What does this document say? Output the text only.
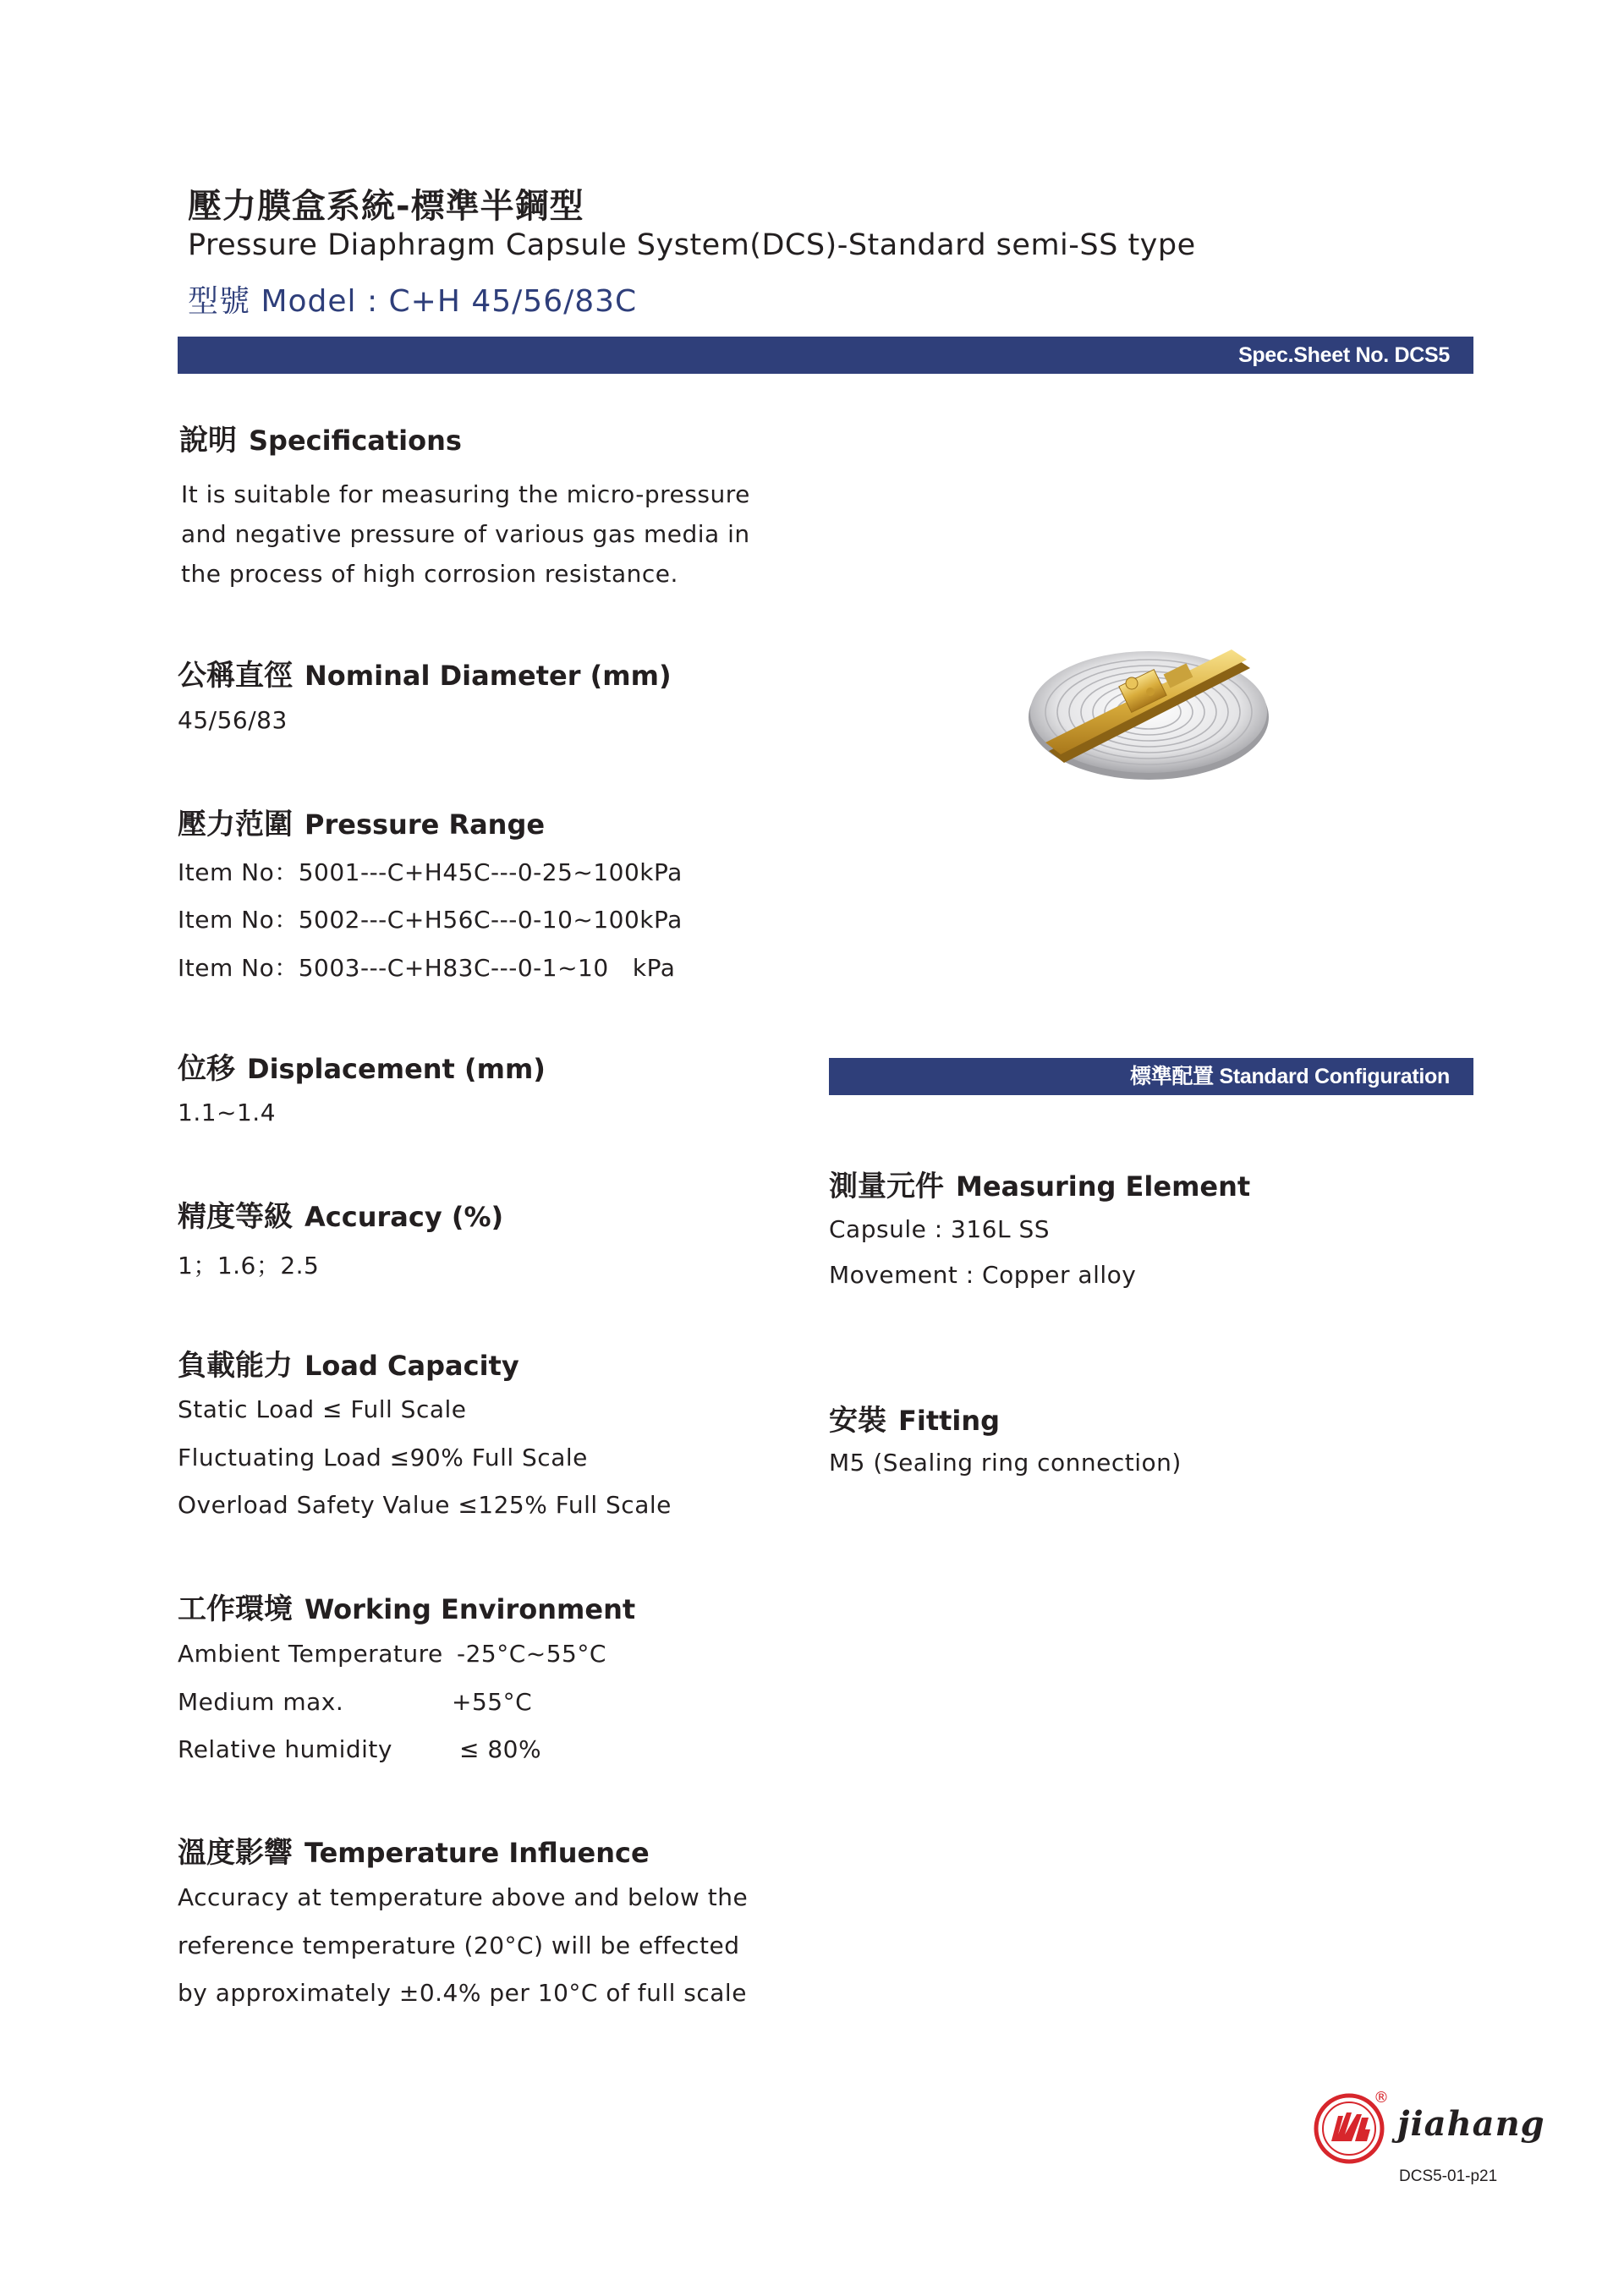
壓力膜盒系統-標準半鋼型
Pressure Diaphragm Capsule System(DCS)-Standard semi-SS type
型號 Model : C+H 45/56/83C
Spec.Sheet No. DCS5
說明 Specifications
It is suitable for measuring the micro-pressure
and negative pressure of various gas media in
the process of high corrosion resistance.
公稱直徑 Nominal Diameter (mm)
45/56/83
壓力范圍 Pressure Range
Item No：5001---C+H45C---0-25~100kPa
Item No：5002---C+H56C---0-10~100kPa
Item No：5003---C+H83C---0-1~10   kPa
位移 Displacement (mm)
1.1~1.4
精度等級 Accuracy (%)
1；1.6；2.5
負載能力 Load Capacity
Static Load ≤ Full Scale
Fluctuating Load ≤90% Full Scale
Overload Safety Value ≤125% Full Scale
工作環境 Working Environment
Ambient Temperature -25°C~55°C
Medium max.	+55°C
Relative humidity	≤ 80%
溫度影響 Temperature Influence
Accuracy at temperature above and below the
reference temperature (20°C) will be effected
by approximately ±0.4% per 10°C of full scale
標準配置 Standard Configuration
測量元件 Measuring Element
Capsule : 316L SS
Movement : Copper alloy
安裝 Fitting
M5 (Sealing ring connection)
®
jiahang
DCS5-01-p21
